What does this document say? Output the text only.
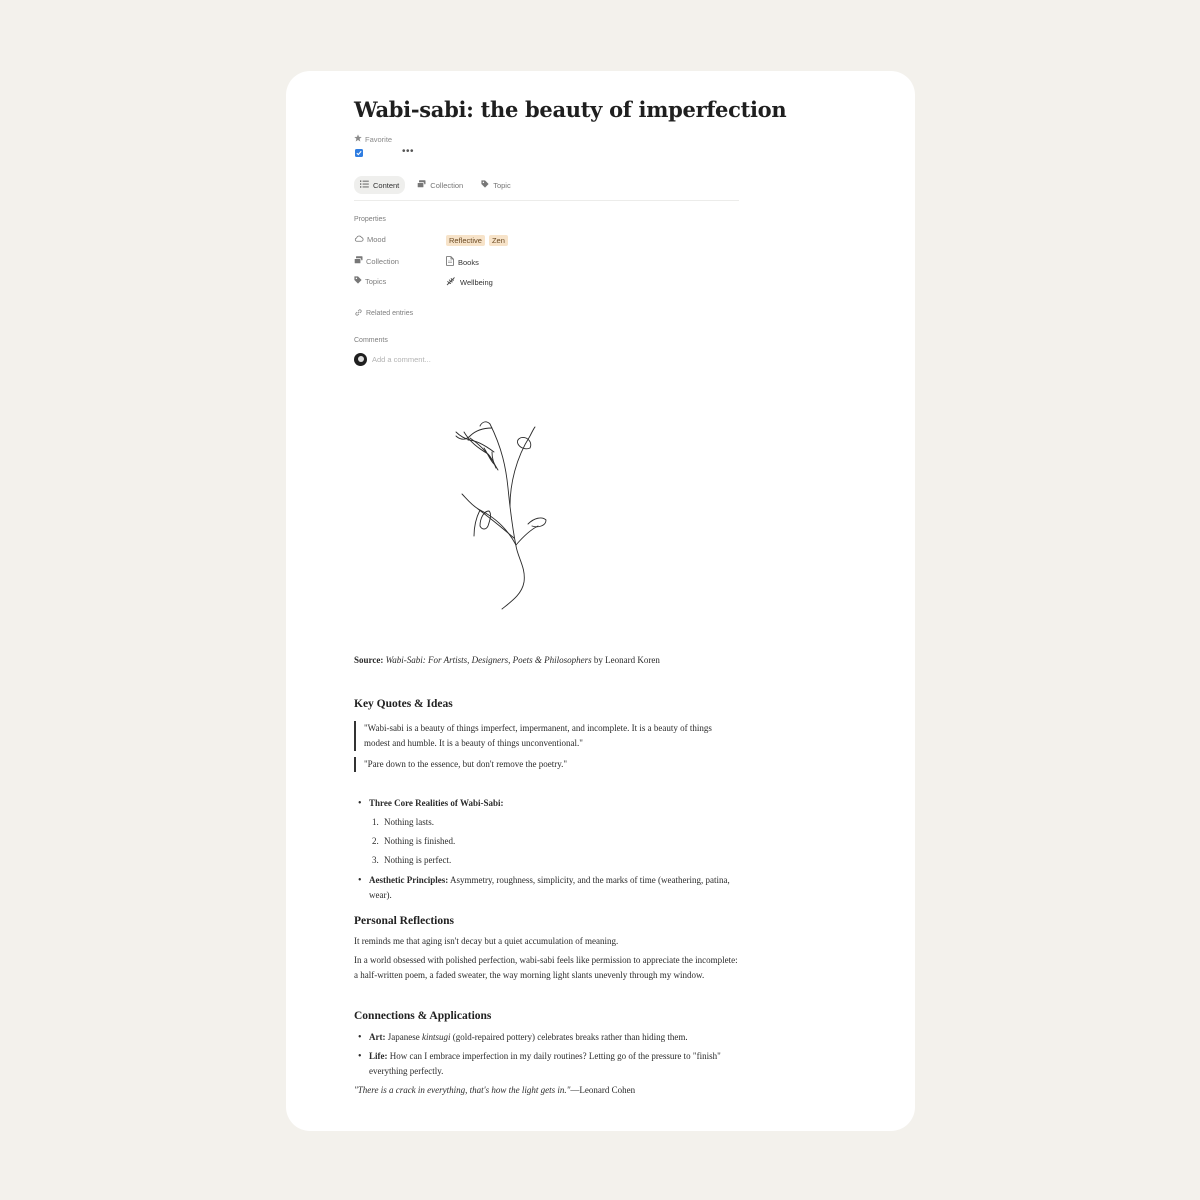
Wabi-sabi: the beauty of imperfection
Favorite
•••
Content	Collection	Topic
Properties
Mood	Reflective	Zen
Collection	Books
Topics	Wellbeing
Related entries
Comments
Add a comment...
Source: Wabi-Sabi: For Artists, Designers, Poets & Philosophers by Leonard Koren
Key Quotes & Ideas
"Wabi-sabi is a beauty of things imperfect, impermanent, and incomplete. It is a beauty of things modest and humble. It is a beauty of things unconventional."
"Pare down to the essence, but don't remove the poetry."
• Three Core Realities of Wabi-Sabi:
1. Nothing lasts.
2. Nothing is finished.
3. Nothing is perfect.
• Aesthetic Principles: Asymmetry, roughness, simplicity, and the marks of time (weathering, patina, wear).
Personal Reflections
It reminds me that aging isn't decay but a quiet accumulation of meaning.
In a world obsessed with polished perfection, wabi-sabi feels like permission to appreciate the incomplete: a half-written poem, a faded sweater, the way morning light slants unevenly through my window.
Connections & Applications
• Art: Japanese kintsugi (gold-repaired pottery) celebrates breaks rather than hiding them.
• Life: How can I embrace imperfection in my daily routines? Letting go of the pressure to "finish" everything perfectly.
"There is a crack in everything, that's how the light gets in."—Leonard Cohen
